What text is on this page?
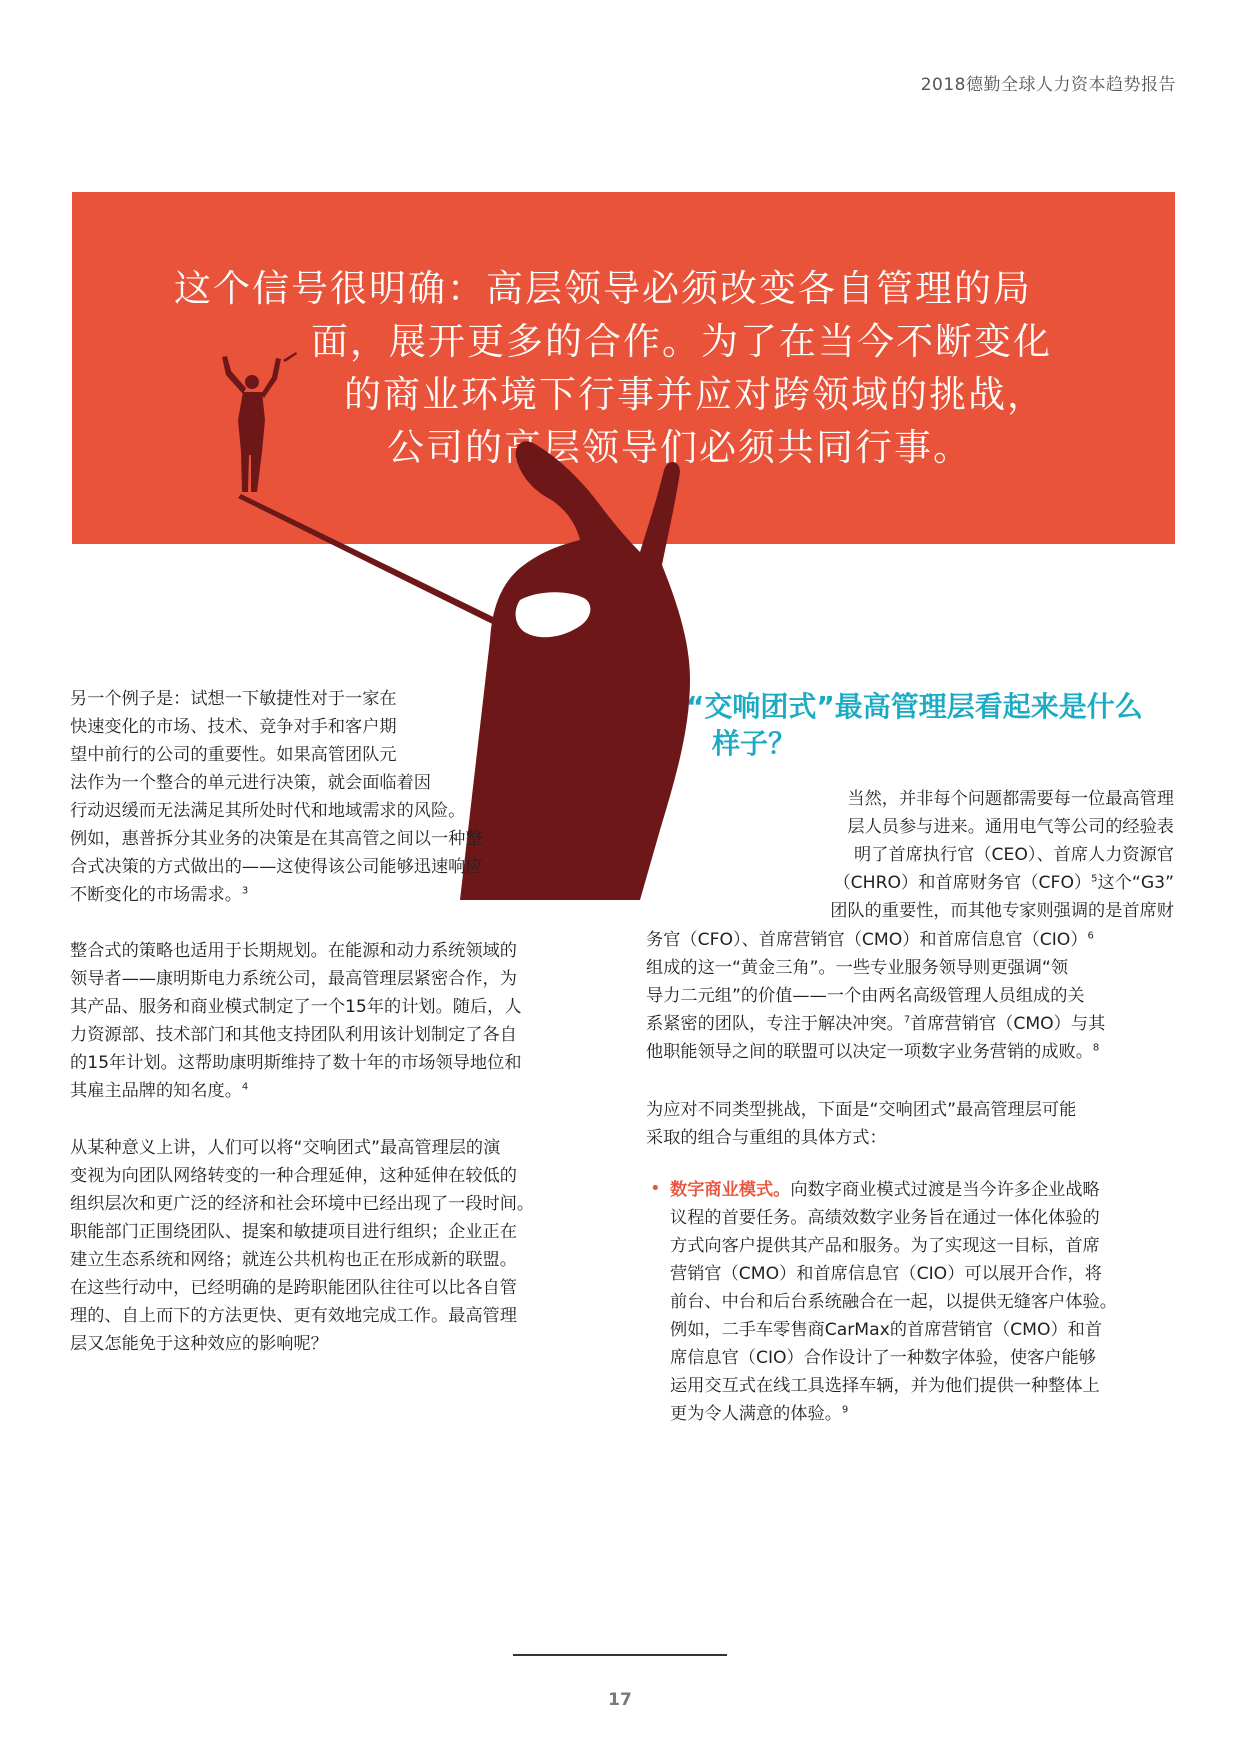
2018德勤全球人力资本趋势报告
这个信号很明确：高层领导必须改变各自管理的局
面，展开更多的合作。为了在当今不断变化
的商业环境下行事并应对跨领域的挑战，
公司的高层领导们必须共同行事。
另一个例子是：试想一下敏捷性对于一家在
快速变化的市场、技术、竞争对手和客户期
望中前行的公司的重要性。如果高管团队元
法作为一个整合的单元进行决策，就会面临着因
行动迟缓而无法满足其所处时代和地域需求的风险。
例如，惠普拆分其业务的决策是在其高管之间以一种整
合式决策的方式做出的——这使得该公司能够迅速响应
不断变化的市场需求。$^3$
整合式的策略也适用于长期规划。在能源和动力系统领域的
领导者——康明斯电力系统公司，最高管理层紧密合作，为
其产品、服务和商业模式制定了一个15年的计划。随后，人
力资源部、技术部门和其他支持团队利用该计划制定了各自
的15年计划。这帮助康明斯维持了数十年的市场领导地位和
其雇主品牌的知名度。$^4$
从某种意义上讲，人们可以将“交响团式”最高管理层的演
变视为向团队网络转变的一种合理延伸，这种延伸在较低的
组织层次和更广泛的经济和社会环境中已经出现了一段时间。
职能部门正围绕团队、提案和敏捷项目进行组织；企业正在
建立生态系统和网络；就连公共机构也正在形成新的联盟。
在这些行动中，已经明确的是跨职能团队往往可以比各自管
理的、自上而下的方法更快、更有效地完成工作。最高管理
层又怎能免于这种效应的影响呢？
“交响团式”最高管理层看起来是什么
样子？
当然，并非每个问题都需要每一位最高管理
层人员参与进来。通用电气等公司的经验表
明了首席执行官（CEO）、首席人力资源官
（CHRO）和首席财务官（CFO）$^5$这个“G3”
团队的重要性，而其他专家则强调的是首席财
务官（CFO）、首席营销官（CMO）和首席信息官（CIO）$^6$
组成的这一“黄金三角”。一些专业服务领导则更强调“领
导力二元组”的价值——一个由两名高级管理人员组成的关
系紧密的团队，专注于解决冲突。$^7$首席营销官（CMO）与其
他职能领导之间的联盟可以决定一项数字业务营销的成败。$^8$
为应对不同类型挑战，下面是“交响团式”最高管理层可能
采取的组合与重组的具体方式：
• 数字商业模式。向数字商业模式过渡是当今许多企业战略
议程的首要任务。高绩效数字业务旨在通过一体化体验的
方式向客户提供其产品和服务。为了实现这一目标，首席
营销官（CMO）和首席信息官（CIO）可以展开合作，将
前台、中台和后台系统融合在一起，以提供无缝客户体验。
例如，二手车零售商CarMax的首席营销官（CMO）和首
席信息官（CIO）合作设计了一种数字体验，使客户能够
运用交互式在线工具选择车辆，并为他们提供一种整体上
更为令人满意的体验。$^9$
17
